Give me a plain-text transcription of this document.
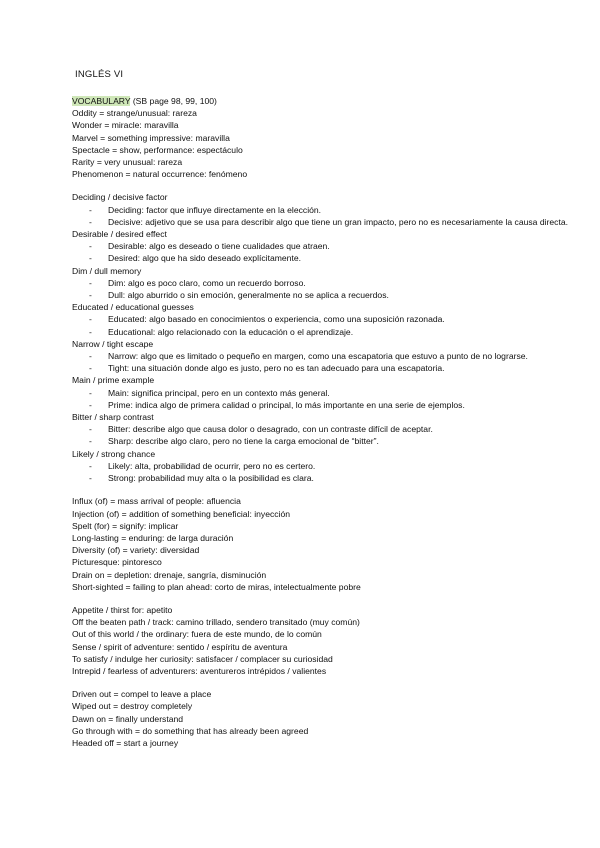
INGLÉS VI
VOCABULARY (SB page 98, 99, 100)
Oddity = strange/unusual: rareza
Wonder = miracle: maravilla
Marvel = something impressive: maravilla
Spectacle = show, performance: espectáculo
Rarity = very unusual: rareza
Phenomenon = natural occurrence: fenómeno
Deciding / decisive factor
-	Deciding: factor que influye directamente en la elección.
-	Decisive: adjetivo que se usa para describir algo que tiene un gran impacto, pero no es necesariamente la causa directa.
Desirable / desired effect
-	Desirable: algo es deseado o tiene cualidades que atraen.
-	Desired: algo que ha sido deseado explícitamente.
Dim / dull memory
-	Dim: algo es poco claro, como un recuerdo borroso.
-	Dull: algo aburrido o sin emoción, generalmente no se aplica a recuerdos.
Educated / educational guesses
-	Educated: algo basado en conocimientos o experiencia, como una suposición razonada.
-	Educational: algo relacionado con la educación o el aprendizaje.
Narrow / tight escape
-	Narrow: algo que es limitado o pequeño en margen, como una escapatoria que estuvo a punto de no lograrse.
-	Tight: una situación donde algo es justo, pero no es tan adecuado para una escapatoria.
Main / prime example
-	Main: significa principal, pero en un contexto más general.
-	Prime: indica algo de primera calidad o principal, lo más importante en una serie de ejemplos.
Bitter / sharp contrast
-	Bitter: describe algo que causa dolor o desagrado, con un contraste difícil de aceptar.
-	Sharp: describe algo claro, pero no tiene la carga emocional de “bitter”.
Likely / strong chance
-	Likely: alta, probabilidad de ocurrir, pero no es certero.
-	Strong: probabilidad muy alta o la posibilidad es clara.
Influx (of) = mass arrival of people: afluencia
Injection (of) = addition of something beneficial: inyección
Spelt (for) = signify: implicar
Long-lasting = enduring: de larga duración
Diversity (of) = variety: diversidad
Picturesque: pintoresco
Drain on = depletion: drenaje, sangría, disminución
Short-sighted = failing to plan ahead: corto de miras, intelectualmente pobre
Appetite / thirst for: apetito
Off the beaten path / track: camino trillado, sendero transitado (muy común)
Out of this world / the ordinary: fuera de este mundo, de lo común
Sense / spirit of adventure: sentido / espíritu de aventura
To satisfy / indulge her curiosity: satisfacer / complacer su curiosidad
Intrepid / fearless of adventurers: aventureros intrépidos / valientes
Driven out = compel to leave a place
Wiped out = destroy completely
Dawn on = finally understand
Go through with = do something that has already been agreed
Headed off = start a journey
